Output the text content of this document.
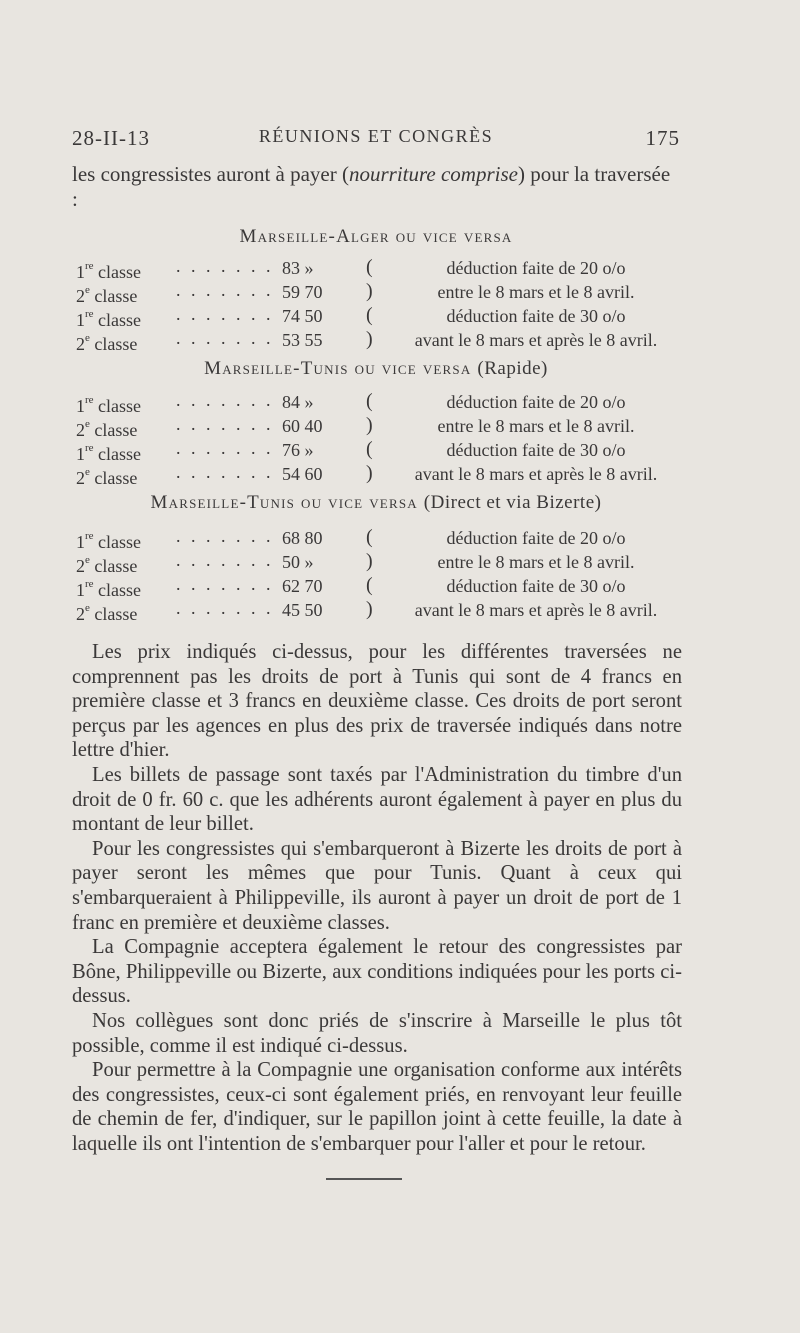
28-II-13	RÉUNIONS ET CONGRÈS	175
les congressistes auront à payer (nourriture comprise) pour la traversée :
Marseille-Alger ou vice versa
1re classe . . . . . . . 83 »	(	déduction faite de 20 o/o
2e classe . . . . . . . 59 70 )	entre le 8 mars et le 8 avril.
1re classe . . . . . . . 74 50 (	déduction faite de 30 o/o
2e classe . . . . . . . 53 55 )	avant le 8 mars et après le 8 avril.
Marseille-Tunis ou vice versa (Rapide)
1re classe . . . . . . . 84 »	(	déduction faite de 20 o/o
2e classe . . . . . . . 60 40 )	entre le 8 mars et le 8 avril.
1re classe . . . . . . . 76 »	(	déduction faite de 30 o/o
2e classe . . . . . . . 54 60 )	avant le 8 mars et après le 8 avril.
Marseille-Tunis ou vice versa (Direct et via Bizerte)
1re classe . . . . . . . 68 80 (	déduction faite de 20 o/o
2e classe . . . . . . . 50 »	)	entre le 8 mars et le 8 avril.
1re classe . . . . . . . 62 70 (	déduction faite de 30 o/o
2e classe . . . . . . . 45 50 )	avant le 8 mars et après le 8 avril.

Les prix indiqués ci-dessus, pour les différentes traversées ne comprennent pas les droits de port à Tunis qui sont de 4 francs en première classe et 3 francs en deuxième classe. Ces droits de port seront perçus par les agences en plus des prix de traversée indiqués dans notre lettre d'hier.

Les billets de passage sont taxés par l'Administration du timbre d'un droit de 0 fr. 60 c. que les adhérents auront également à payer en plus du montant de leur billet.

Pour les congressistes qui s'embarqueront à Bizerte les droits de port à payer seront les mêmes que pour Tunis. Quant à ceux qui s'embarqueraient à Philippeville, ils auront à payer un droit de port de 1 franc en première et deuxième classes.

La Compagnie acceptera également le retour des congressistes par Bône, Philippeville ou Bizerte, aux conditions indiquées pour les ports ci-dessus.

Nos collègues sont donc priés de s'inscrire à Marseille le plus tôt possible, comme il est indiqué ci-dessus.

Pour permettre à la Compagnie une organisation conforme aux intérêts des congressistes, ceux-ci sont également priés, en renvoyant leur feuille de chemin de fer, d'indiquer, sur le papillon joint à cette feuille, la date à laquelle ils ont l'intention de s'embarquer pour l'aller et pour le retour.
